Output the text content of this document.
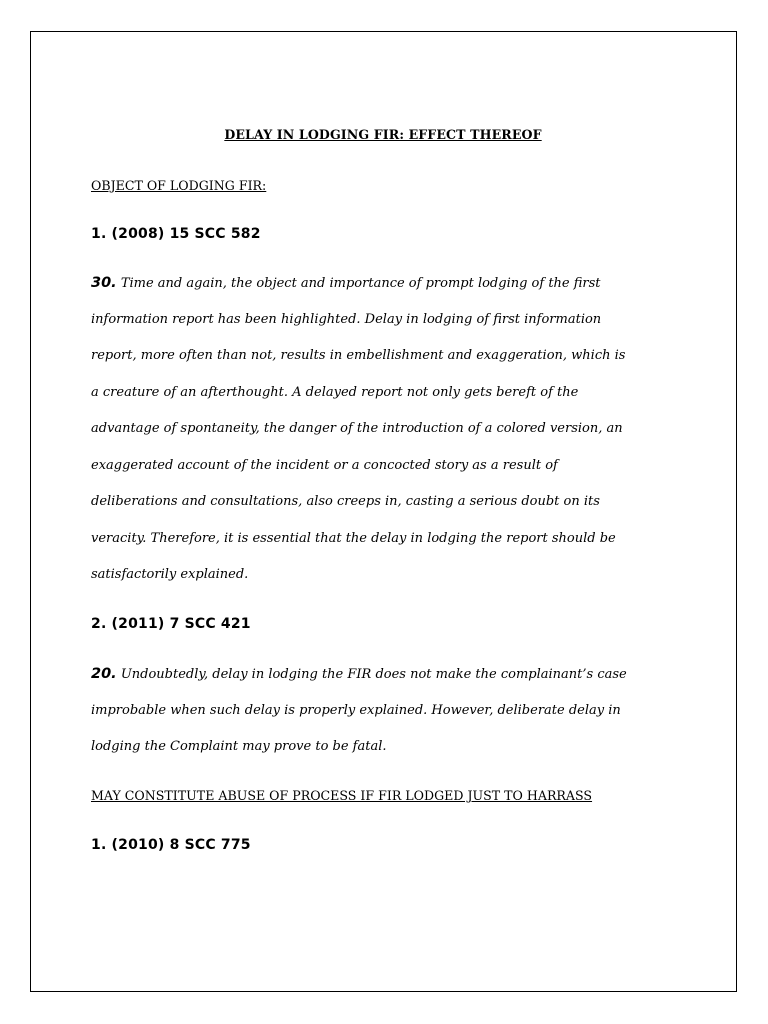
DELAY IN LODGING FIR: EFFECT THEREOF
OBJECT OF LODGING FIR:
1. (2008) 15 SCC 582
30. Time and again, the object and importance of prompt lodging of the first
information report has been highlighted. Delay in lodging of first information
report, more often than not, results in embellishment and exaggeration, which is
a creature of an afterthought. A delayed report not only gets bereft of the
advantage of spontaneity, the danger of the introduction of a colored version, an
exaggerated account of the incident or a concocted story as a result of
deliberations and consultations, also creeps in, casting a serious doubt on its
veracity. Therefore, it is essential that the delay in lodging the report should be
satisfactorily explained.
2. (2011) 7 SCC 421
20. Undoubtedly, delay in lodging the FIR does not make the complainant’s case
improbable when such delay is properly explained. However, deliberate delay in
lodging the Complaint may prove to be fatal.
MAY CONSTITUTE ABUSE OF PROCESS IF FIR LODGED JUST TO HARRASS
1. (2010) 8 SCC 775
